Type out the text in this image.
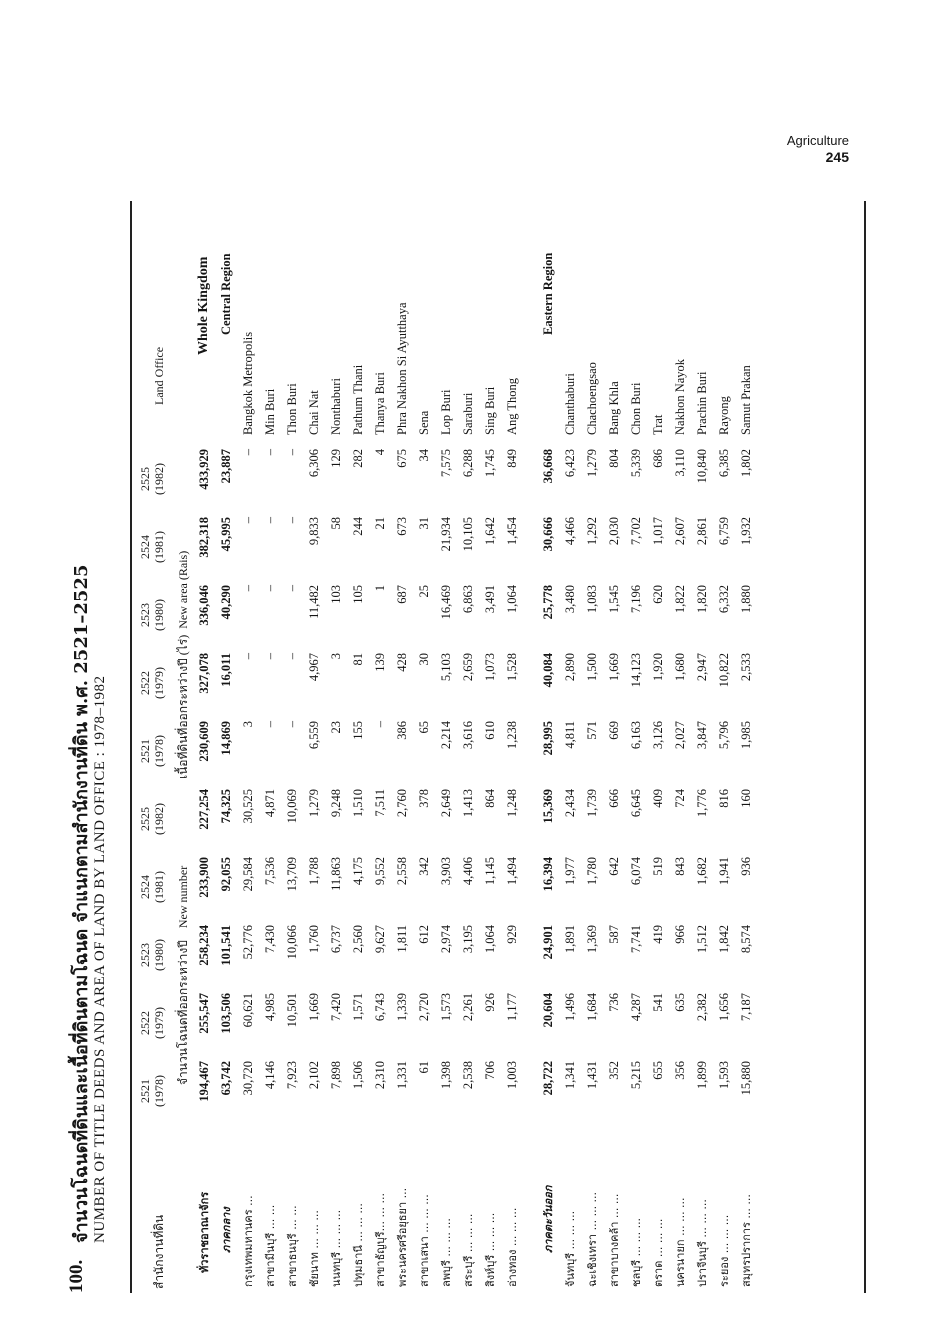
Agriculture
245
100.
จำนวนโฉนดที่ดินและเนื้อที่ดินตามโฉนด จำแนกตามสำนักงานที่ดิน พ.ศ. 2521–2525 NUMBER OF TITLE DEEDS AND AREA OF LAND BY LAND OFFICE : 1978–1982
สำนักงานที่ดิน	2521 (1978)	2522 (1979)	2523 (1980)	2524 (1981)	2525 (1982)	2521 (1978)	2522 (1979)	2523 (1980)	2524 (1981)	2525 (1982)	Land Office
	จำนวนโฉนดที่ออกระหว่างปี    New number					เนื้อที่ดินที่ออกระหว่างปี (ไร่)  New area (Rais)					
ทั่วราชอาณาจักร	194,467	255,547	258,234	233,900	227,254	230,609	327,078	336,046	382,318	433,929	Whole Kingdom
ภาคกลาง	63,742	103,506	101,541	92,055	74,325	14,869	16,011	40,290	45,995	23,887	Central Region
กรุงเทพมหานคร ...	30,720	60,621	52,776	29,584	30,525	3	–	–	–	–	Bangkok Metropolis
สาขามีนบุรี ... ...	4,146	4,985	7,430	7,536	4,871	–	–	–	–	–	Min Buri
สาขาธนบุรี ... ...	7,923	10,501	10,066	13,709	10,069	–	–	–	–	–	Thon Buri
ชัยนาท ... ... ...	2,102	1,669	1,760	1,788	1,279	6,559	4,967	11,482	9,833	6,306	Chai Nat
นนทบุรี ... ... ...	7,898	7,420	6,737	11,863	9,248	23	3	103	58	129	Nonthaburi
ปทุมธานี ... ... ...	1,506	1,571	2,560	4,175	1,510	155	81	105	244	282	Pathum Thani
สาขาธัญบุรี... ... ...	2,310	6,743	9,627	9,552	7,511	–	139	1	21	4	Thanya Buri
พระนครศรีอยุธยา ...	1,331	1,339	1,811	2,558	2,760	386	428	687	673	675	Phra Nakhon Si Ayutthaya
สาขาเสนา ... ... ...	61	2,720	612	342	378	65	30	25	31	34	Sena
ลพบุรี ... ... ...	1,398	1,573	2,974	3,903	2,649	2,214	5,103	16,469	21,934	7,575	Lop Buri
สระบุรี ... ... ...	2,538	2,261	3,195	4,406	1,413	3,616	2,659	6,863	10,105	6,288	Saraburi
สิงห์บุรี ... ... ...	706	926	1,064	1,145	864	610	1,073	3,491	1,642	1,745	Sing Buri
อ่างทอง ... ... ...	1,003	1,177	929	1,494	1,248	1,238	1,528	1,064	1,454	849	Ang Thong

ภาคตะวันออก	28,722	20,604	24,901	16,394	15,369	28,995	40,084	25,778	30,666	36,668	Eastern Region
จันทบุรี ... ... ...	1,341	1,496	1,891	1,977	2,434	4,811	2,890	3,480	4,466	6,423	Chanthaburi
ฉะเชิงเทรา ... ... ...	1,431	1,684	1,369	1,780	1,739	571	1,500	1,083	1,292	1,279	Chachoengsao
สาขาบางคล้า ... ...	352	736	587	642	666	669	1,669	1,545	2,030	804	Bang Khla
ชลบุรี ... ... ...	5,215	4,287	7,741	6,074	6,645	6,163	14,123	7,196	7,702	5,339	Chon Buri
ตราด ... ... ...	655	541	419	519	409	3,126	1,920	620	1,017	686	Trat
นครนายก ... ... ...	356	635	966	843	724	2,027	1,680	1,822	2,607	3,110	Nakhon Nayok
ปราจีนบุรี ... ... ...	1,899	2,382	1,512	1,682	1,776	3,847	2,947	1,820	2,861	10,840	Prachin Buri
ระยอง ... ... ...	1,593	1,656	1,842	1,941	816	5,796	10,822	6,332	6,759	6,385	Rayong
สมุทรปราการ ... ...	15,880	7,187	8,574	936	160	1,985	2,533	1,880	1,932	1,802	Samut Prakan
